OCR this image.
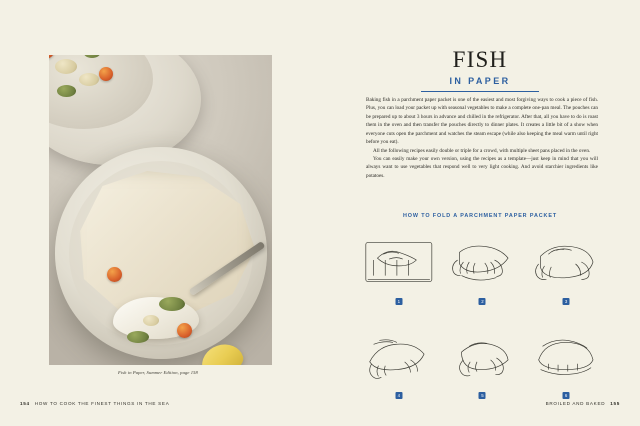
Fish in Paper, Summer Edition, page 158
154 HOW TO COOK THE FINEST THINGS IN THE SEA
FISH
IN PAPER

Baking fish in a parchment paper packet is one of the easiest and most forgiving ways to cook a piece of fish. Plus, you can load your packet up with seasonal vegetables to make a complete one-pan meal. The pouches can be prepared up to about 3 hours in advance and chilled in the refrigerator. After that, all you have to do is roast them in the oven and then transfer the pouches directly to dinner plates. It creates a little bit of a show when everyone cuts open the parchment and watches the steam escape (while also keeping the meal warm until right before you eat).

All the following recipes easily double or triple for a crowd, with multiple sheet pans placed in the oven.

You can easily make your own version, using the recipes as a template—just keep in mind that you will always want to use vegetables that respond well to very light cooking. And avoid starchier ingredients like potatoes.

HOW TO FOLD A PARCHMENT PAPER PACKET
1	2	3
4	5	6
BROILED AND BAKED 155
